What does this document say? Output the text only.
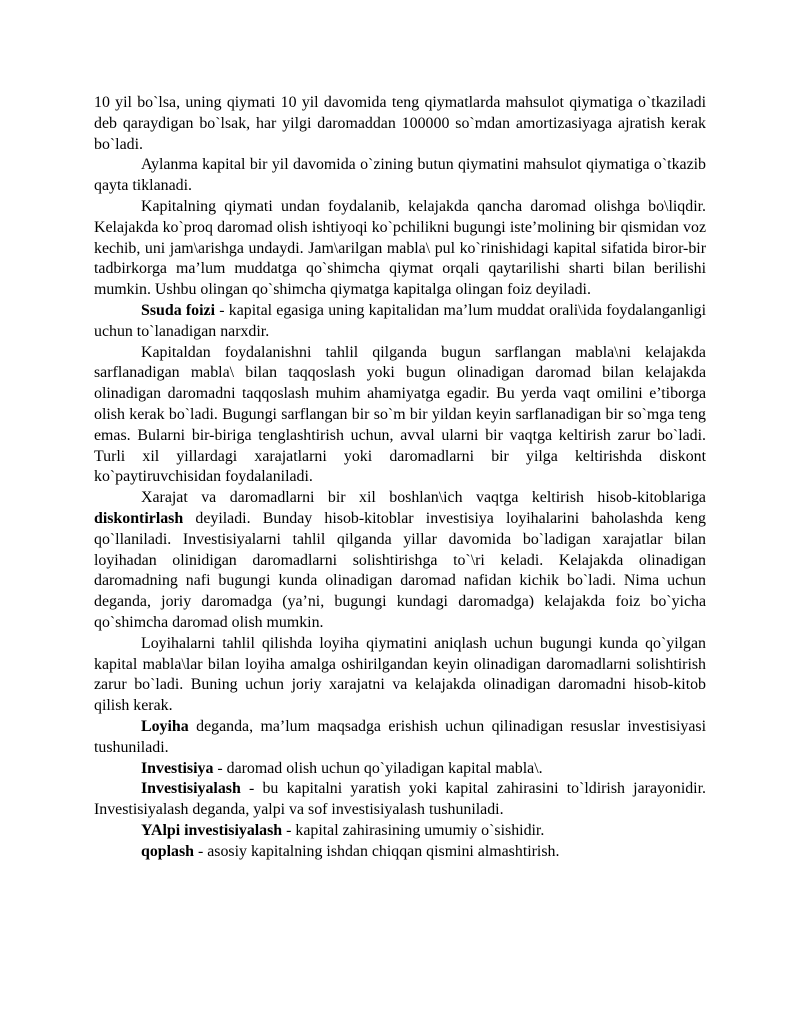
10 yil bo`lsa, uning qiymati 10 yil davomida teng qiymatlarda mahsulot qiymatiga o`tkaziladi deb qaraydigan bo`lsak, har yilgi daromaddan 100000 so`mdan amortizasiyaga ajratish kerak bo`ladi.

Aylanma kapital bir yil davomida o`zining butun qiymatini mahsulot qiymatiga o`tkazib qayta tiklanadi.

Kapitalning qiymati undan foydalanib, kelajakda qancha daromad olishga bo\liqdir. Kelajakda ko`proq daromad olish ishtiyoqi ko`pchilikni bugungi iste’molining bir qismidan voz kechib, uni jam\arishga undaydi. Jam\arilgan mabla\ pul ko`rinishidagi kapital sifatida biror-bir tadbirkorga ma’lum muddatga qo`shimcha qiymat orqali qaytarilishi sharti bilan berilishi mumkin. Ushbu olingan qo`shimcha qiymatga kapitalga olingan foiz deyiladi.

Ssuda foizi - kapital egasiga uning kapitalidan ma’lum muddat orali\ida foydalanganligi uchun to`lanadigan narxdir.

Kapitaldan foydalanishni tahlil qilganda bugun sarflangan mabla\ni kelajakda sarflanadigan mabla\ bilan taqqoslash yoki bugun olinadigan daromad bilan kelajakda olinadigan daromadni taqqoslash muhim ahamiyatga egadir. Bu yerda vaqt omilini e’tiborga olish kerak bo`ladi. Bugungi sarflangan bir so`m bir yildan keyin sarflanadigan bir so`mga teng emas. Bularni bir-biriga tenglashtirish uchun, avval ularni bir vaqtga keltirish zarur bo`ladi. Turli xil yillardagi xarajatlarni yoki daromadlarni bir yilga keltirishda diskont ko`paytiruvchisidan foydalaniladi.

Xarajat va daromadlarni bir xil boshlan\ich vaqtga keltirish hisob-kitoblariga diskontirlash deyiladi. Bunday hisob-kitoblar investisiya loyihalarini baholashda keng qo`llaniladi. Investisiyalarni tahlil qilganda yillar davomida bo`ladigan xarajatlar bilan loyihadan olinidigan daromadlarni solishtirishga to`\ri keladi. Kelajakda olinadigan daromadning nafi bugungi kunda olinadigan daromad nafidan kichik bo`ladi. Nima uchun deganda, joriy daromadga (ya’ni, bugungi kundagi daromadga) kelajakda foiz bo`yicha qo`shimcha daromad olish mumkin.

Loyihalarni tahlil qilishda loyiha qiymatini aniqlash uchun bugungi kunda qo`yilgan kapital mabla\lar bilan loyiha amalga oshirilgandan keyin olinadigan daromadlarni solishtirish zarur bo`ladi. Buning uchun joriy xarajatni va kelajakda olinadigan daromadni hisob-kitob qilish kerak.

Loyiha deganda, ma’lum maqsadga erishish uchun qilinadigan resuslar investisiyasi tushuniladi.

Investisiya - daromad olish uchun qo`yiladigan kapital mabla\.

Investisiyalash - bu kapitalni yaratish yoki kapital zahirasini to`ldirish jarayonidir. Investisiyalash deganda, yalpi va sof investisiyalash tushuniladi.

YAlpi investisiyalash - kapital zahirasining umumiy o`sishidir.

qoplash - asosiy kapitalning ishdan chiqqan qismini almashtirish.
